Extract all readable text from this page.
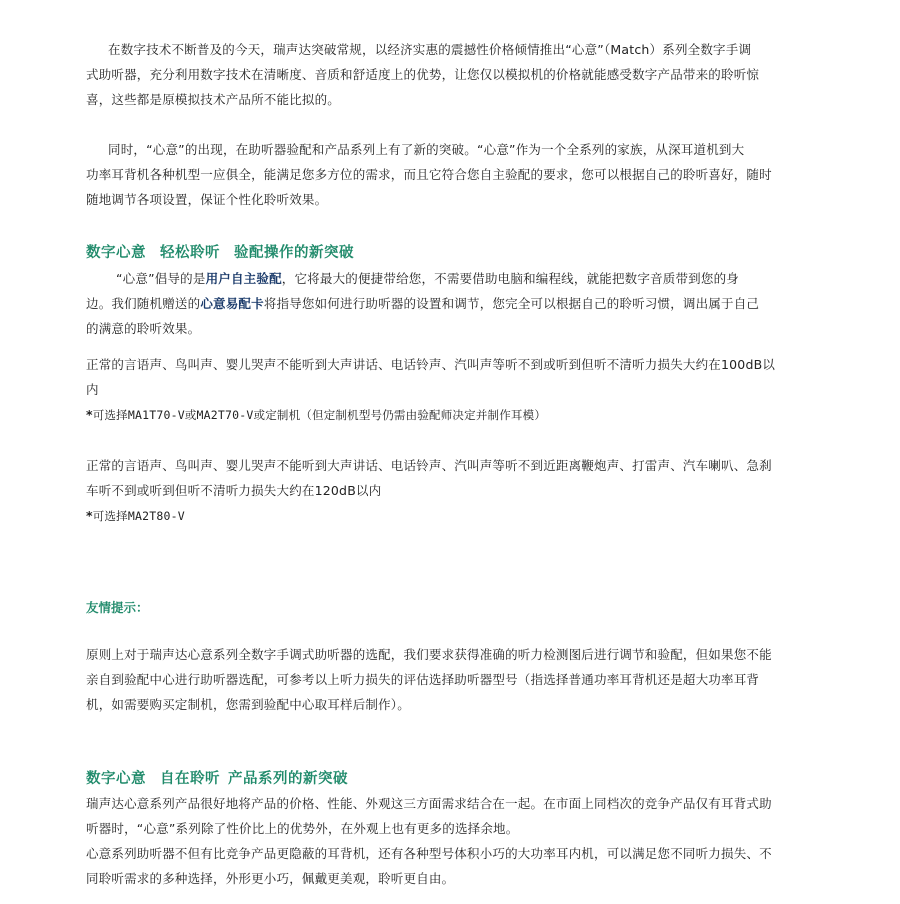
在数字技术不断普及的今天，瑞声达突破常规，以经济实惠的震撼性价格倾情推出“心意”（Match）系列全数字手调
式助听器，充分利用数字技术在清晰度、音质和舒适度上的优势，让您仅以模拟机的价格就能感受数字产品带来的聆听惊
喜，这些都是原模拟技术产品所不能比拟的。
同时，“心意”的出现，在助听器验配和产品系列上有了新的突破。“心意”作为一个全系列的家族，从深耳道机到大
功率耳背机各种机型一应俱全，能满足您多方位的需求，而且它符合您自主验配的要求，您可以根据自己的聆听喜好，随时
随地调节各项设置，保证个性化聆听效果。
数字心意 轻松聆听 验配操作的新突破
“心意”倡导的是用户自主验配，它将最大的便捷带给您，不需要借助电脑和编程线，就能把数字音质带到您的身
边。我们随机赠送的心意易配卡将指导您如何进行助听器的设置和调节，您完全可以根据自己的聆听习惯，调出属于自己
的满意的聆听效果。
正常的言语声、鸟叫声、婴儿哭声不能听到大声讲话、电话铃声、汽叫声等听不到或听到但听不清听力损失大约在100dB以
内
*可选择MA1T70-V或MA2T70-V或定制机（但定制机型号仍需由验配师决定并制作耳模）
正常的言语声、鸟叫声、婴儿哭声不能听到大声讲话、电话铃声、汽叫声等听不到近距离鞭炮声、打雷声、汽车喇叭、急刹
车听不到或听到但听不清听力损失大约在120dB以内
*可选择MA2T80-V
友情提示：
原则上对于瑞声达心意系列全数字手调式助听器的选配，我们要求获得准确的听力检测图后进行调节和验配，但如果您不能
亲自到验配中心进行助听器选配，可参考以上听力损失的评估选择助听器型号（指选择普通功率耳背机还是超大功率耳背
机，如需要购买定制机，您需到验配中心取耳样后制作）。
数字心意 自在聆听 产品系列的新突破
瑞声达心意系列产品很好地将产品的价格、性能、外观这三方面需求结合在一起。在市面上同档次的竞争产品仅有耳背式助
听器时，“心意”系列除了性价比上的优势外，在外观上也有更多的选择余地。
心意系列助听器不但有比竞争产品更隐蔽的耳背机，还有各种型号体积小巧的大功率耳内机，可以满足您不同听力损失、不
同聆听需求的多种选择，外形更小巧，佩戴更美观，聆听更自由。
